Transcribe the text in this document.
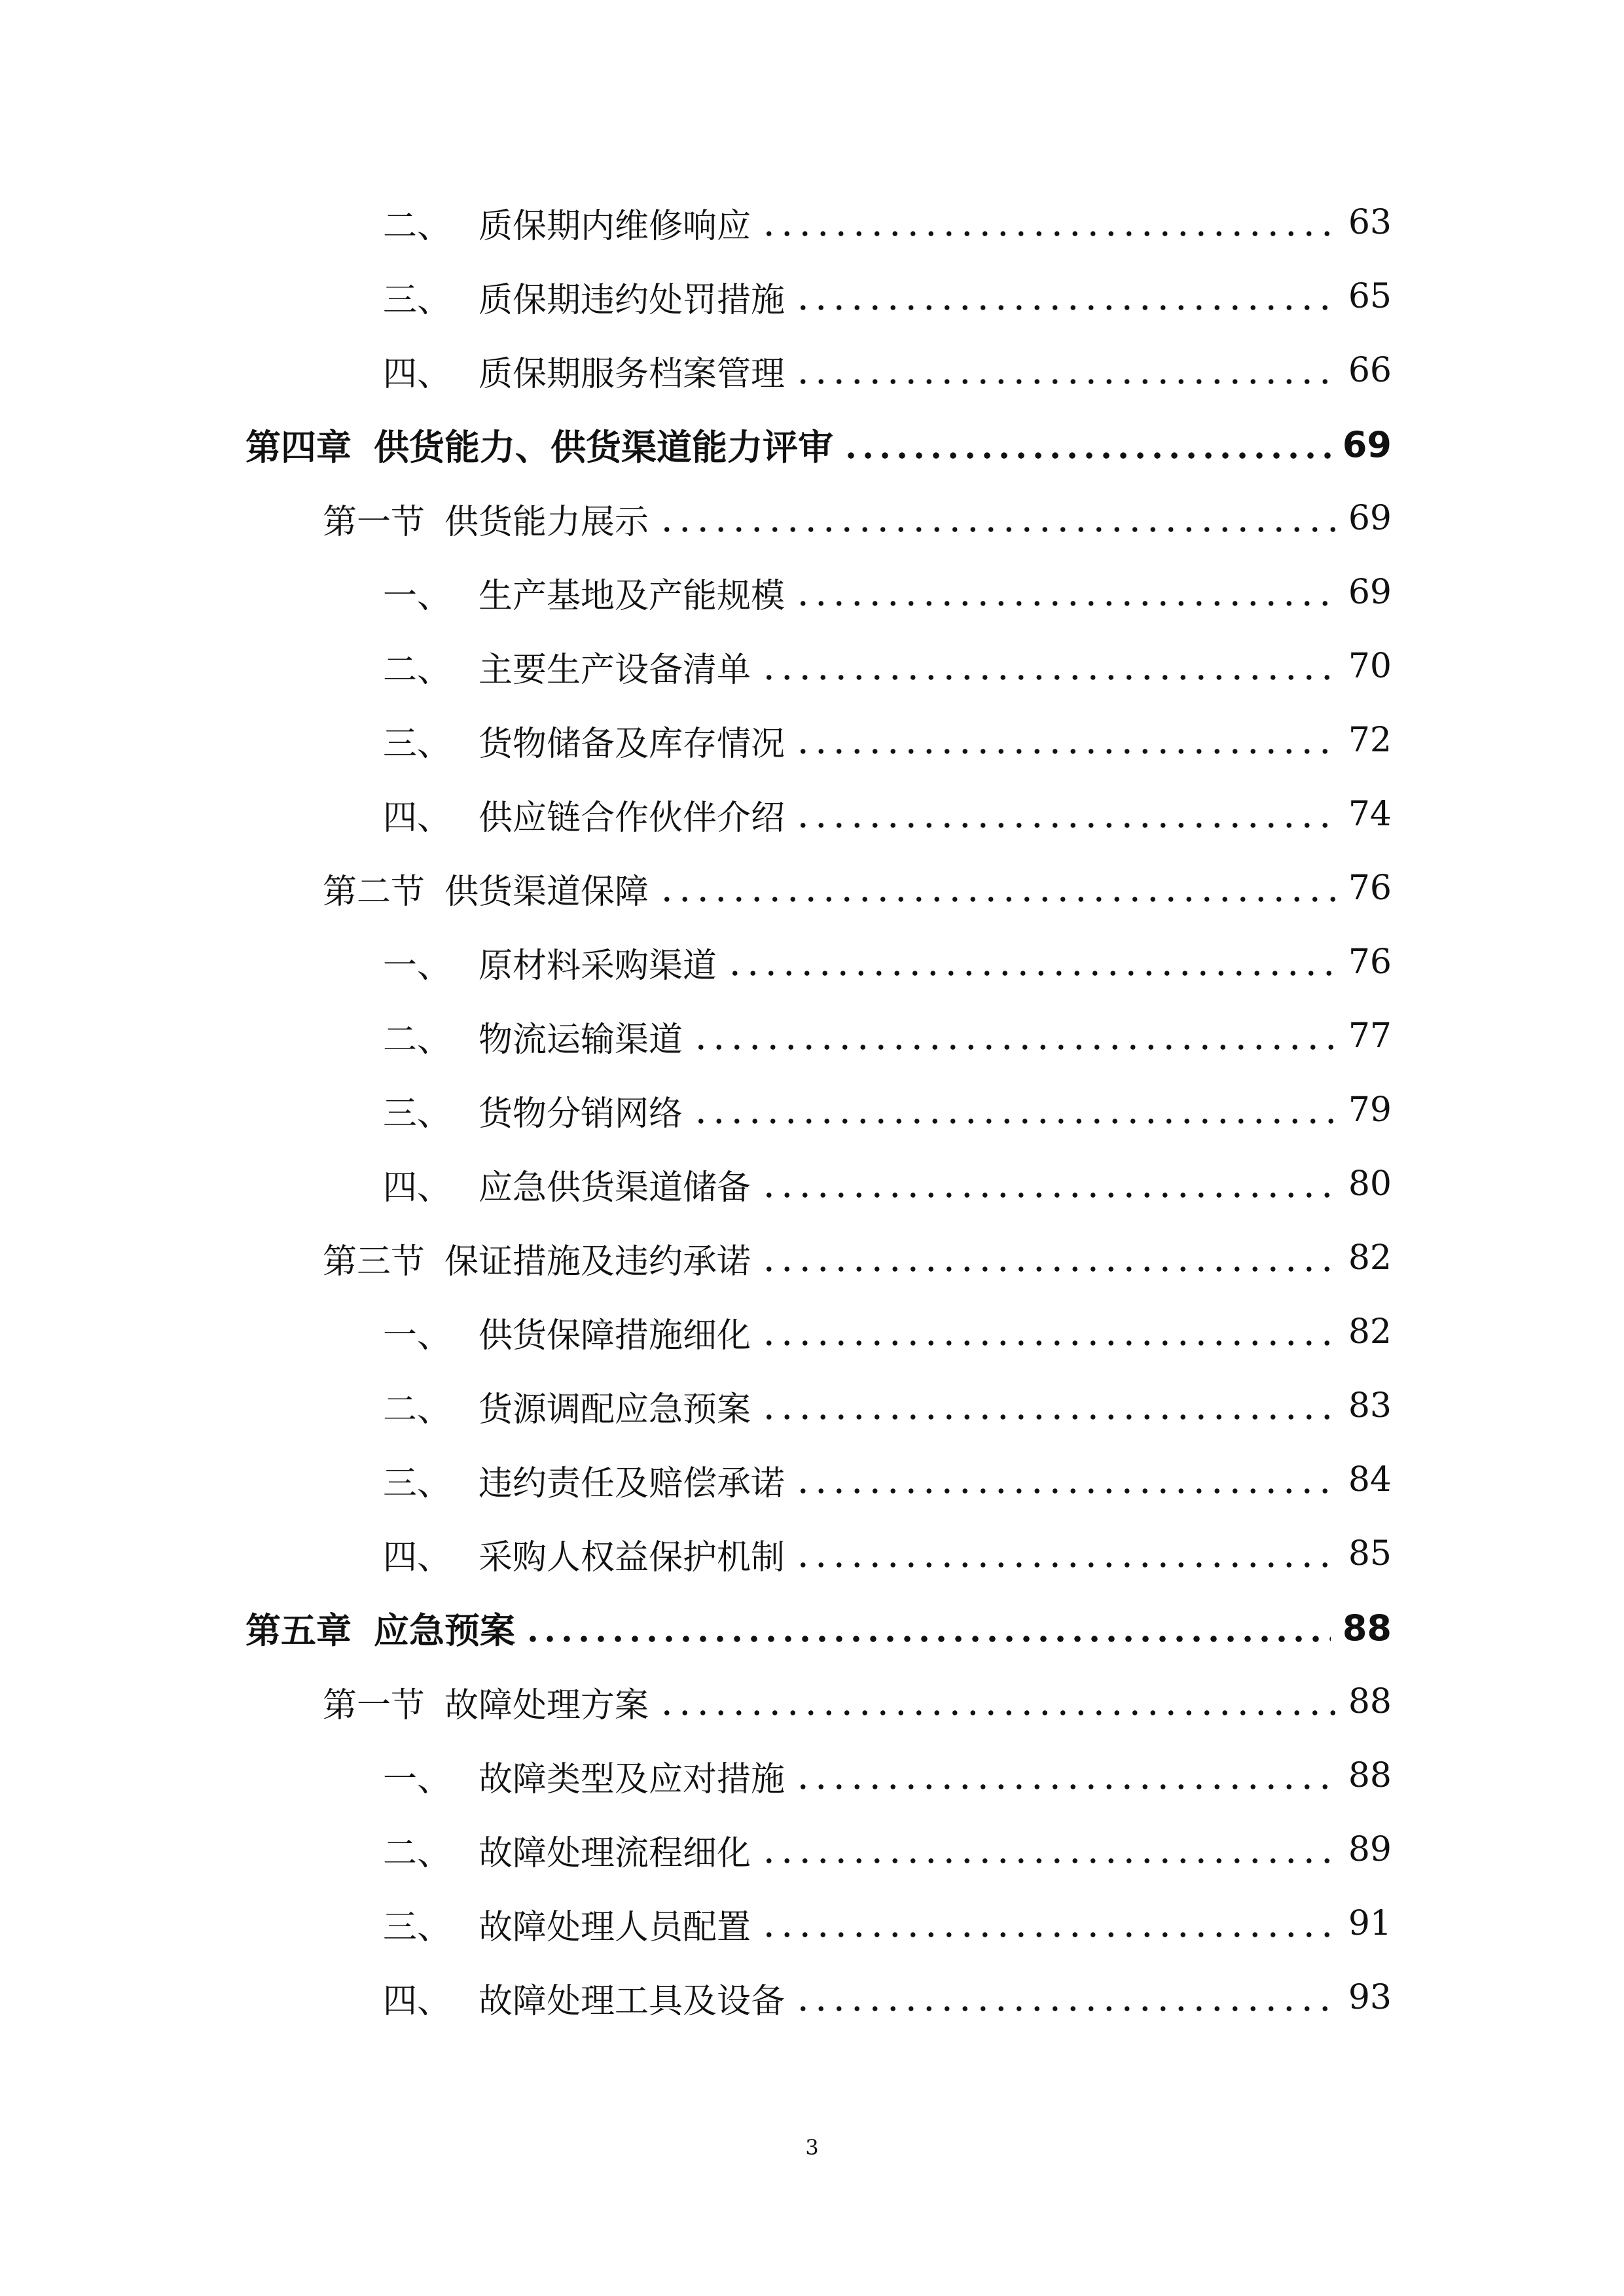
二、 质保期内维修响应	63
三、 质保期违约处罚措施	65
四、 质保期服务档案管理	66
第四章 供货能力、供货渠道能力评审	69
第一节 供货能力展示	69
一、 生产基地及产能规模	69
二、 主要生产设备清单	70
三、 货物储备及库存情况	72
四、 供应链合作伙伴介绍	74
第二节 供货渠道保障	76
一、 原材料采购渠道	76
二、 物流运输渠道	77
三、 货物分销网络	79
四、 应急供货渠道储备	80
第三节 保证措施及违约承诺	82
一、 供货保障措施细化	82
二、 货源调配应急预案	83
三、 违约责任及赔偿承诺	84
四、 采购人权益保护机制	85
第五章 应急预案	88
第一节 故障处理方案	88
一、 故障类型及应对措施	88
二、 故障处理流程细化	89
三、 故障处理人员配置	91
四、 故障处理工具及设备	93
3
